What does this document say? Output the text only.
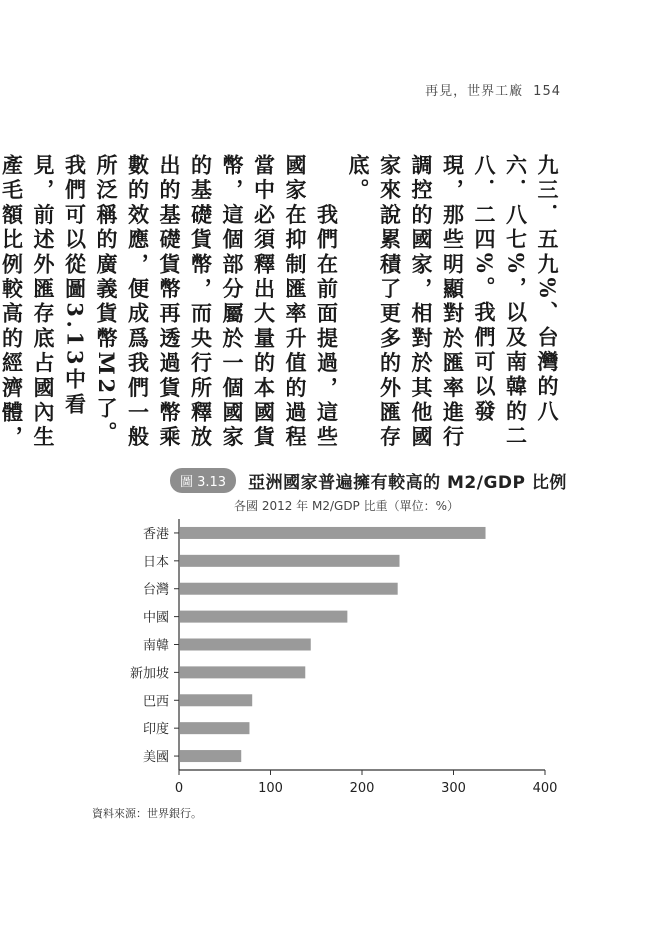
再見，世界工廠 154

九三．五九%、台灣的八六．八七%，以及南韓的二八．二四%。我們可以發現，那些明顯對於匯率進行調控的國家，相對於其他國家來說累積了更多的外匯存底。

　　我們在前面提過，這些國家在抑制匯率升值的過程當中必須釋出大量的本國貨幣，這個部分屬於一個國家的基礎貨幣，而央行所釋放出的基礎貨幣再透過貨幣乘數的效應，便成爲我們一般所泛稱的廣義貨幣M2了。我們可以從圖3.13中看見，前述外匯存底占國內生產毛額比例較高的經濟體，

圖 3.13	亞洲國家普遍擁有較高的 M2/GDP 比例
各國 2012 年 M2/GDP 比重（單位：%）
香港
日本
台灣
中國
南韓
新加坡
巴西
印度
美國
0	100	200	300	400
資料來源：世界銀行。
